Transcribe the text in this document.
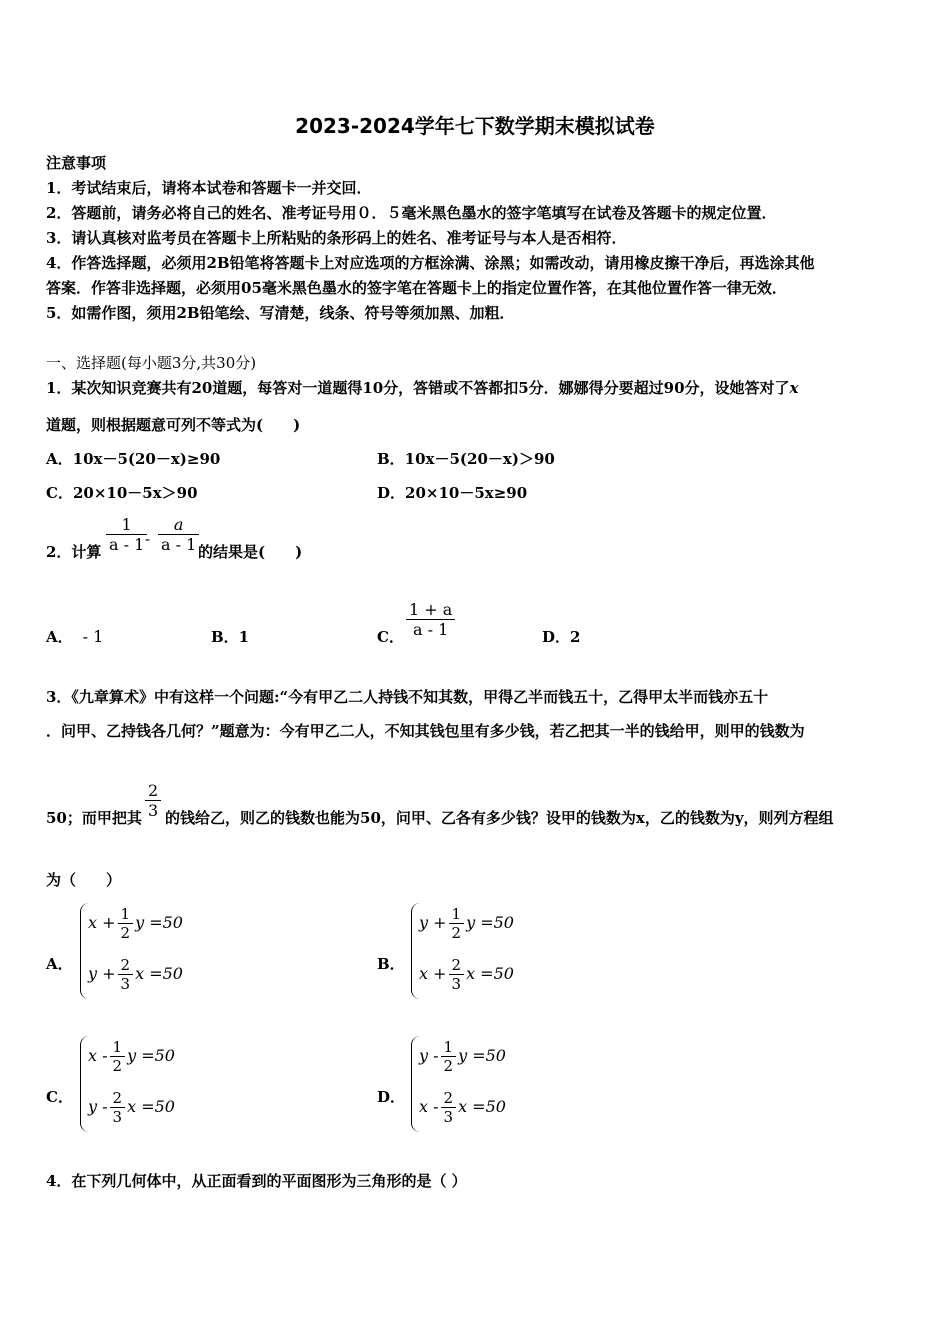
2023-2024学年七下数学期末模拟试卷
注意事项
1．考试结束后，请将本试卷和答题卡一并交回．
2．答题前，请务必将自己的姓名、准考证号用０．５毫米黑色墨水的签字笔填写在试卷及答题卡的规定位置．
3．请认真核对监考员在答题卡上所粘贴的条形码上的姓名、准考证号与本人是否相符．
4．作答选择题，必须用2B铅笔将答题卡上对应选项的方框涂满、涂黑；如需改动，请用橡皮擦干净后，再选涂其他
答案．作答非选择题，必须用05毫米黑色墨水的签字笔在答题卡上的指定位置作答，在其他位置作答一律无效．
5．如需作图，须用2B铅笔绘、写清楚，线条、符号等须加黑、加粗．
一、选择题(每小题3分,共30分)
1．某次知识竞赛共有20道题，每答对一道题得10分，答错或不答都扣5分．娜娜得分要超过90分，设她答对了x
道题，则根据题意可列不等式为(　　)
A．10x－5(20－x)≥90	B．10x－5(20－x)＞90
C．20×10－5x＞90	D．20×10－5x≥90
2．计算 $\frac{1}{a - 1}$
- $\frac{a}{a - 1}$
的结果是(　　)
A． - 1	B．1	C． $\frac{1 + a}{a - 1}$	D．2
3．《九章算术》中有这样一个问题:“今有甲乙二人持钱不知其数，甲得乙半而钱五十，乙得甲太半而钱亦五十
．问甲、乙持钱各几何？”题意为：今有甲乙二人，不知其钱包里有多少钱，若乙把其一半的钱给甲，则甲的钱数为
50；而甲把其 $\frac{2}{3}$ 的钱给乙，则乙的钱数也能为50，问甲、乙各有多少钱？设甲的钱数为x，乙的钱数为y，则列方程组
为（　　）
A．
$x + \frac{1}{2}$ y =50
$y + \frac{2}{3}$ x =50	B．
$y + \frac{1}{2}$ y =50
$x + \frac{2}{3}$ x =50
C．
x - $\frac{1}{2}$ y =50
y - $\frac{2}{3}$ x =50	D．
y - $\frac{1}{2}$ y =50
x - $\frac{2}{3}$ x =50
4．在下列几何体中，从正面看到的平面图形为三角形的是（ ）
